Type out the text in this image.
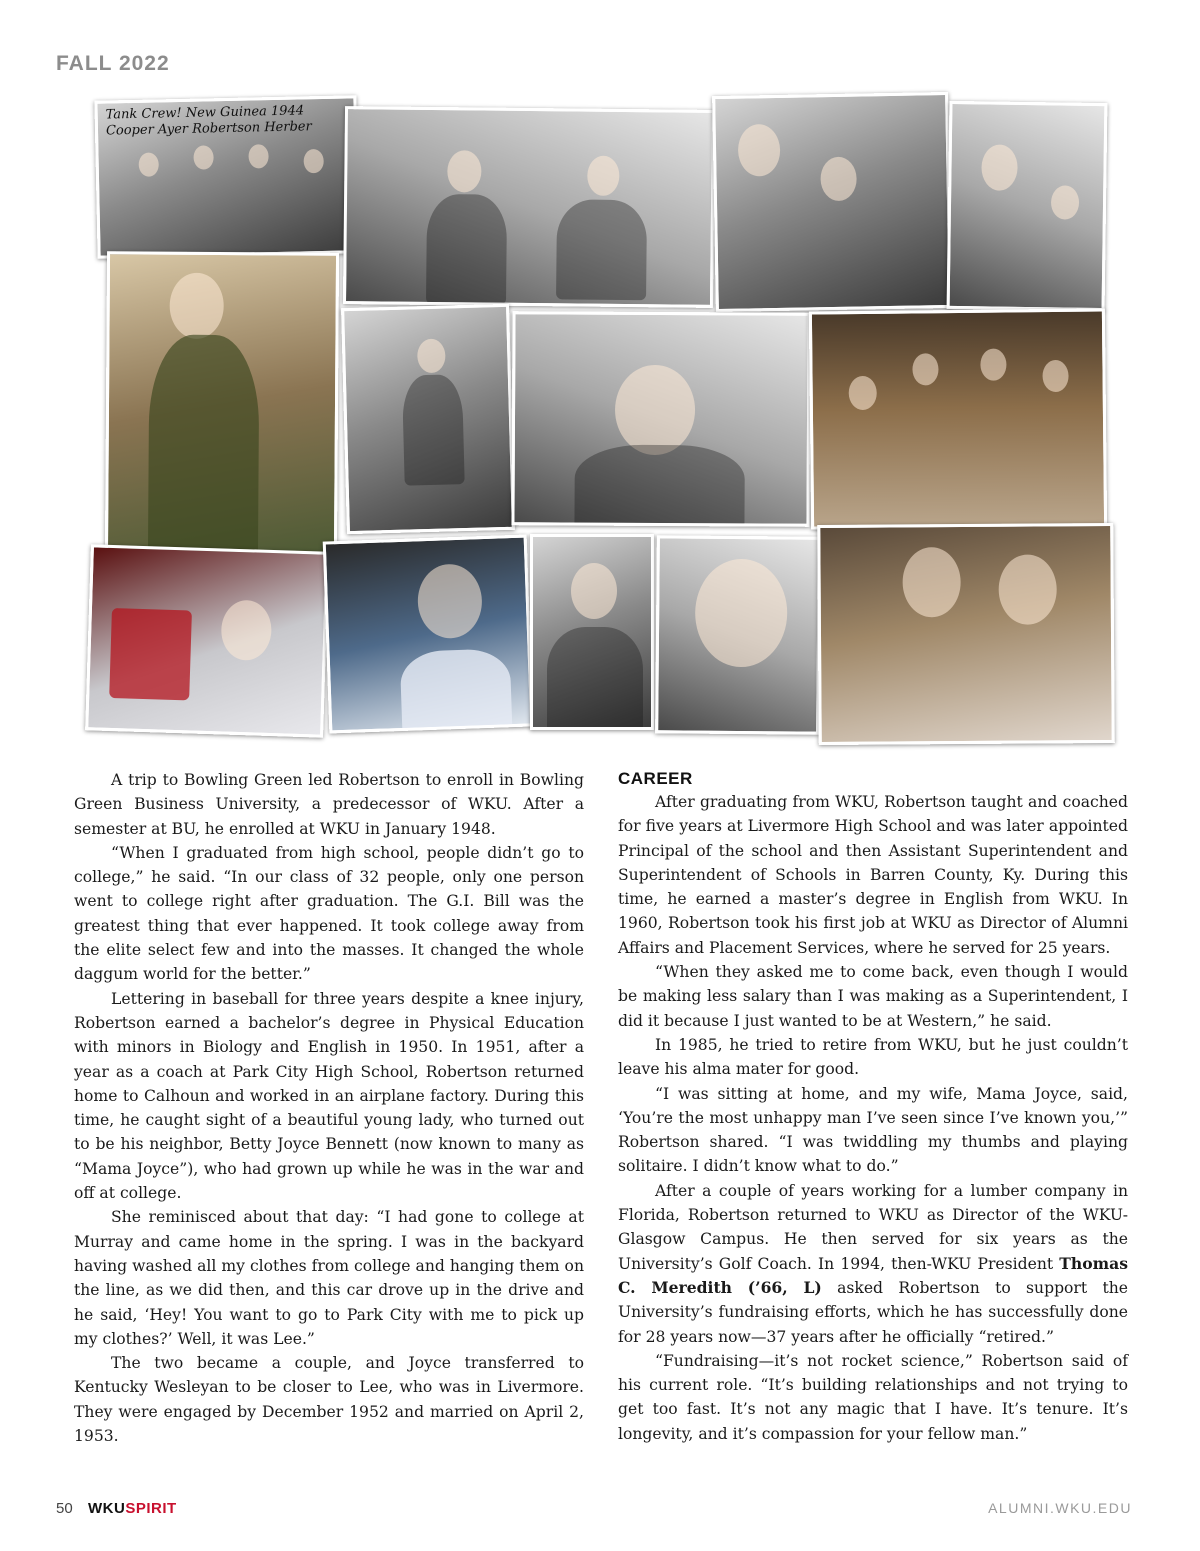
FALL 2022
Tank Crew! New Guinea 1944
Cooper Ayer Robertson Herber

A trip to Bowling Green led Robertson to enroll in Bowling Green Business University, a predecessor of WKU. After a semester at BU, he enrolled at WKU in January 1948.

“When I graduated from high school, people didn’t go to college,” he said. “In our class of 32 people, only one person went to college right after graduation. The G.I. Bill was the greatest thing that ever happened. It took college away from the elite select few and into the masses. It changed the whole daggum world for the better.”

Lettering in baseball for three years despite a knee injury, Robertson earned a bachelor’s degree in Physical Education with minors in Biology and English in 1950. In 1951, after a year as a coach at Park City High School, Robertson returned home to Calhoun and worked in an airplane factory. During this time, he caught sight of a beautiful young lady, who turned out to be his neighbor, Betty Joyce Bennett (now known to many as “Mama Joyce”), who had grown up while he was in the war and off at college.

She reminisced about that day: “I had gone to college at Murray and came home in the spring. I was in the backyard having washed all my clothes from college and hanging them on the line, as we did then, and this car drove up in the drive and he said, ‘Hey! You want to go to Park City with me to pick up my clothes?’ Well, it was Lee.”

The two became a couple, and Joyce transferred to Kentucky Wesleyan to be closer to Lee, who was in Livermore. They were engaged by December 1952 and married on April 2, 1953.

CAREER

After graduating from WKU, Robertson taught and coached for five years at Livermore High School and was later appointed Principal of the school and then Assistant Superintendent and Superintendent of Schools in Barren County, Ky. During this time, he earned a master’s degree in English from WKU. In 1960, Robertson took his first job at WKU as Director of Alumni Affairs and Placement Services, where he served for 25 years.

“When they asked me to come back, even though I would be making less salary than I was making as a Superintendent, I did it because I just wanted to be at Western,” he said.

In 1985, he tried to retire from WKU, but he just couldn’t leave his alma mater for good.

“I was sitting at home, and my wife, Mama Joyce, said, ‘You’re the most unhappy man I’ve seen since I’ve known you,’” Robertson shared. “I was twiddling my thumbs and playing solitaire. I didn’t know what to do.”

After a couple of years working for a lumber company in Florida, Robertson returned to WKU as Director of the WKU-Glasgow Campus. He then served for six years as the University’s Golf Coach. In 1994, then-WKU President Thomas C. Meredith (’66, L) asked Robertson to support the University’s fundraising efforts, which he has successfully done for 28 years now—37 years after he officially “retired.”

“Fundraising—it’s not rocket science,” Robertson said of his current role. “It’s building relationships and not trying to get too fast. It’s not any magic that I have. It’s tenure. It’s longevity, and it’s compassion for your fellow man.”

50 WKUSPIRIT	ALUMNI.WKU.EDU
